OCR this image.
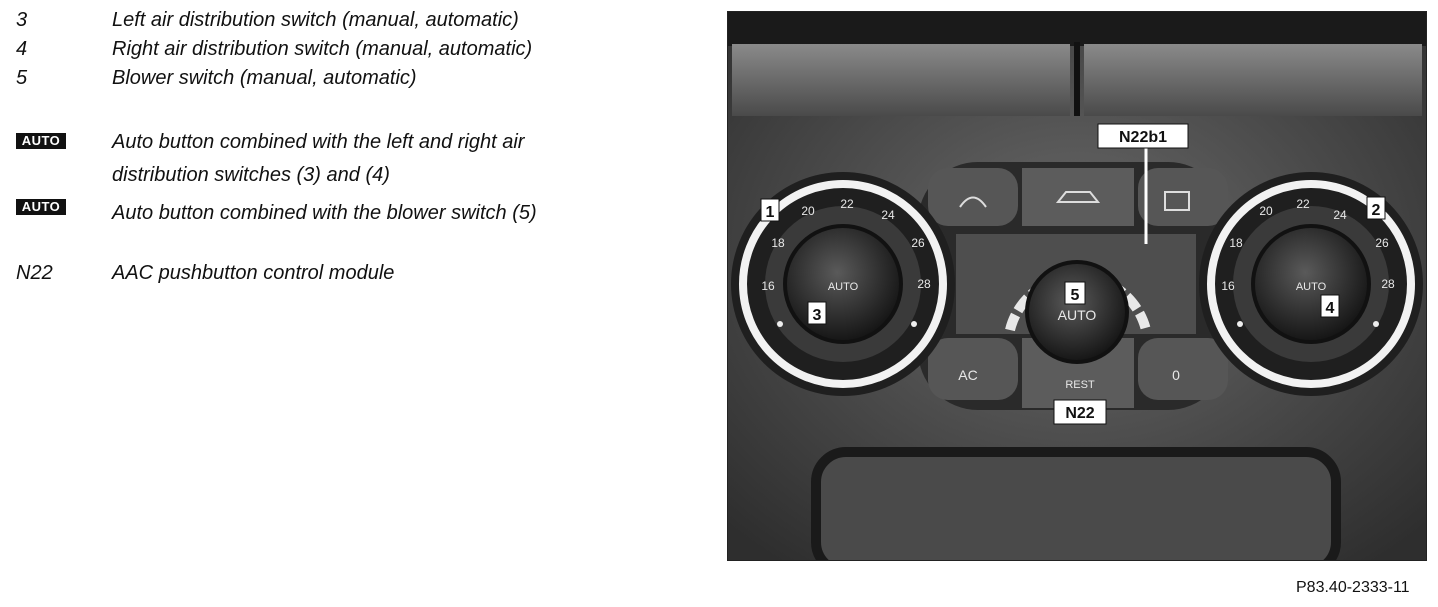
3	Left air distribution switch (manual, automatic)
4	Right air distribution switch (manual, automatic)
5	Blower switch (manual, automatic)
AUTO	Auto button combined with the left and right air
distribution switches (3) and (4)
AUTO	Auto button combined with the blower switch (5)
N22	AAC pushbutton control module
20 22
24
18	26
16	28
AUTO
20 22
24
18	26
16	28
AUTO
AUTO
AC
REST
0
1	2
3	4
5
N22b1
N22
P83.40-2333-11
